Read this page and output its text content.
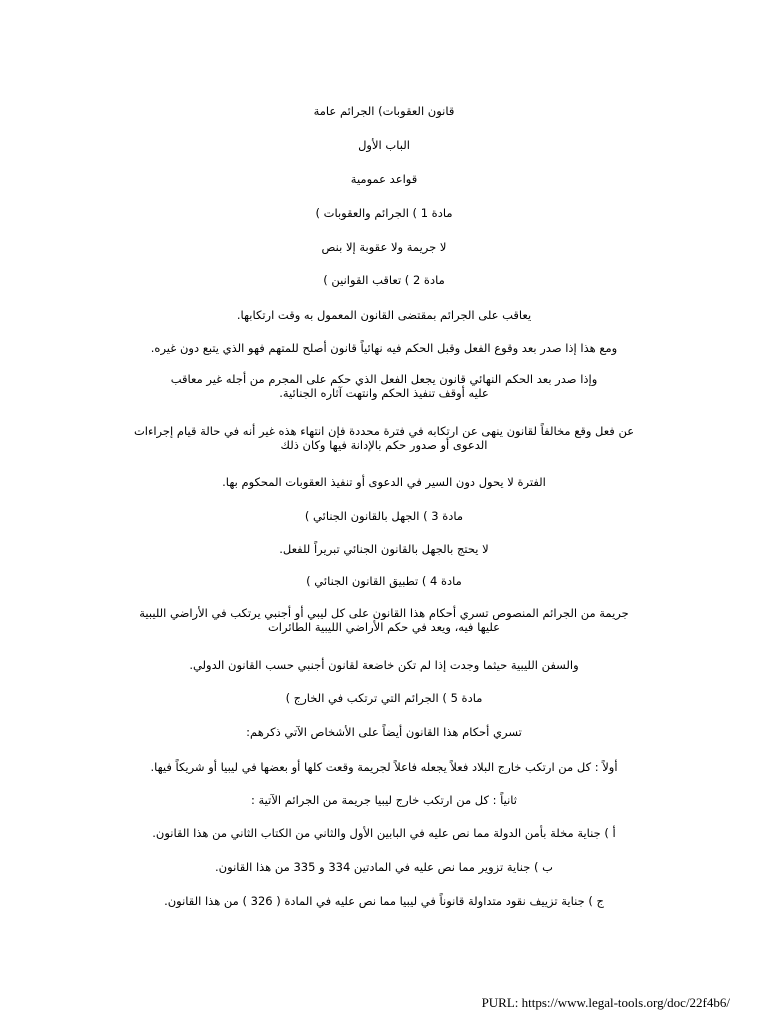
قانون العقوبات) الجرائم عامة
الباب الأول
قواعد عمومية
مادة 1 ) الجرائم والعقوبات )
لا جريمة ولا عقوبة إلا بنص
مادة 2 ) تعاقب القوانين )
يعاقب على الجرائم بمقتضى القانون المعمول به وقت ارتكابها.
ومع هذا إذا صدر بعد وقوع الفعل وقبل الحكم فيه نهائياً قانون أصلح للمتهم فهو الذي يتبع دون غيره.
وإذا صدر بعد الحكم النهائي قانون يجعل الفعل الذي حكم على المجرم من أجله غير معاقب عليه أوقف تنفيذ الحكم وانتهت آثاره الجنائية.
عن فعل وقع مخالفاً لقانون ينهى عن ارتكابه في فترة محددة فإن انتهاء هذه غير أنه في حالة قيام إجراءات الدعوى أو صدور حكم بالإدانة فيها وكان ذلك
الفترة لا يحول دون السير في الدعوى أو تنفيذ العقوبات المحكوم بها.
مادة 3 ) الجهل بالقانون الجنائي )
لا يحتج بالجهل بالقانون الجنائي تبريراً للفعل.
مادة 4 ) تطبيق القانون الجنائي )
جريمة من الجرائم المنصوص تسري أحكام هذا القانون على كل ليبي أو أجنبي يرتكب في الأراضي الليبية عليها فيه، ويعد في حكم الأراضي الليبية الطائرات
والسفن الليبية حيثما وجدت إذا لم تكن خاضعة لقانون أجنبي حسب القانون الدولي.
مادة 5 ) الجرائم التي ترتكب في الخارج )
تسري أحكام هذا القانون أيضاً على الأشخاص الآتي ذكرهم:
أولاً : كل من ارتكب خارج البلاد فعلاً يجعله فاعلاً لجريمة وقعت كلها أو بعضها في ليبيا أو شريكاً فيها.
ثانياً : كل من ارتكب خارج ليبيا جريمة من الجرائم الآتية :
أ ) جناية مخلة بأمن الدولة مما نص عليه في البابين الأول والثاني من الكتاب الثاني من هذا القانون.
ب ) جناية تزوير مما نص عليه في المادتين 334 و 335 من هذا القانون.
ج ) جناية تزييف نقود متداولة قانوناً في ليبيا مما نص عليه في المادة ( 326 ) من هذا القانون.
PURL: https://www.legal-tools.org/doc/22f4b6/
